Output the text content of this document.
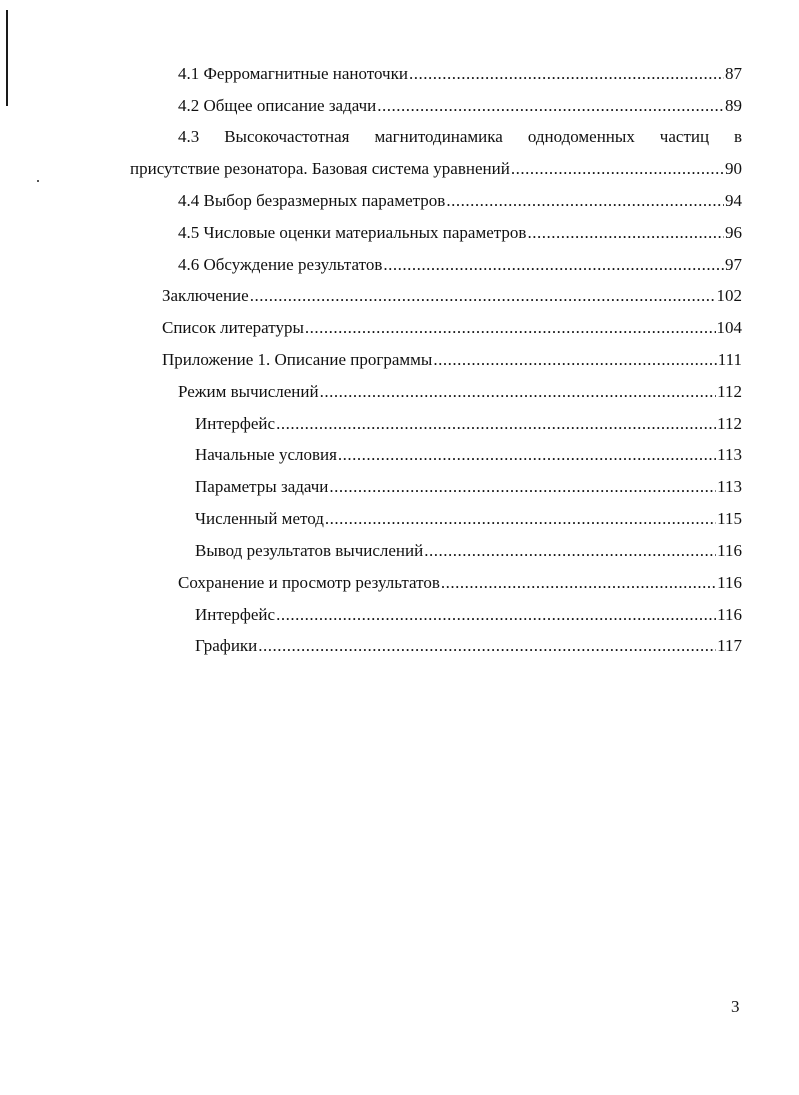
4.1 Ферромагнитные наноточки .....	87
4.2 Общее описание задачи .....	89
4.3 Высокочастотная магнитодинамика однодоменных частиц в
присутствие резонатора. Базовая система уравнений .....	90
4.4 Выбор безразмерных параметров .....	94
4.5 Числовые оценки материальных параметров .....	96
4.6 Обсуждение результатов .....	97
Заключение .....	102
Список литературы .....	104
Приложение 1. Описание программы .....	111
Режим вычислений .....	112
Интерфейс .....	112
Начальные условия .....	113
Параметры задачи .....	113
Численный метод .....	115
Вывод результатов вычислений .....	116
Сохранение и просмотр результатов .....	116
Интерфейс .....	116
Графики .....	117
3
